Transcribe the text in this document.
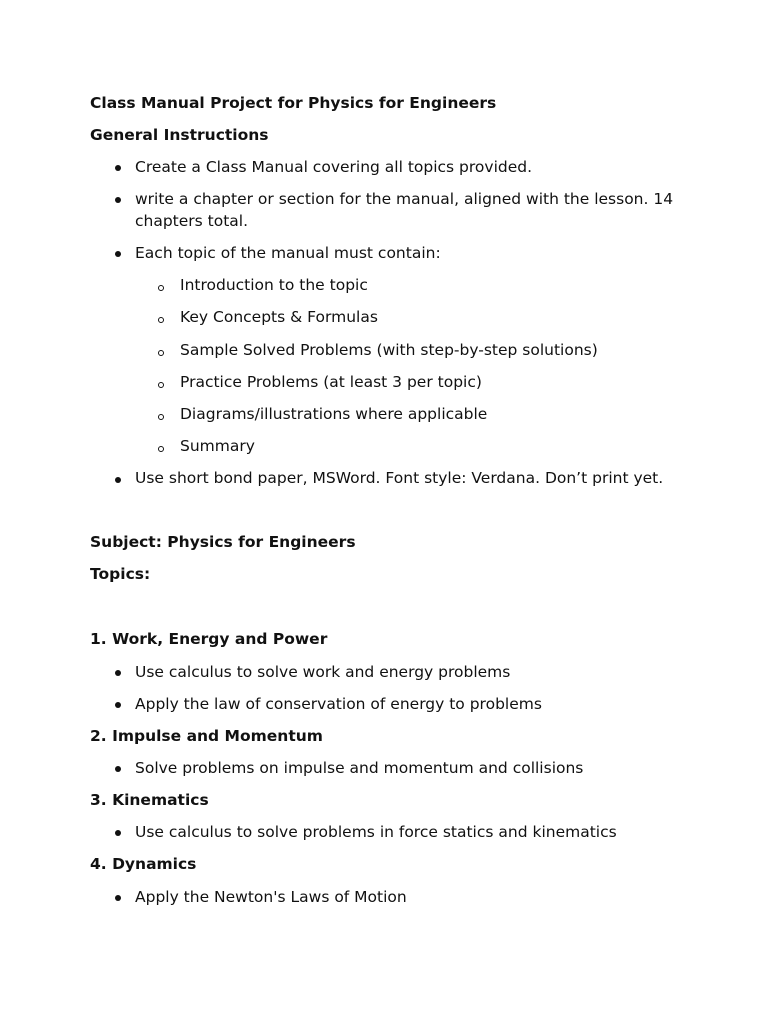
Class Manual Project for Physics for Engineers
General Instructions
Create a Class Manual covering all topics provided.
write a chapter or section for the manual, aligned with the lesson. 14
chapters total.
Each topic of the manual must contain:
Introduction to the topic
Key Concepts & Formulas
Sample Solved Problems (with step-by-step solutions)
Practice Problems (at least 3 per topic)
Diagrams/illustrations where applicable
Summary
Use short bond paper, MSWord. Font style: Verdana. Don’t print yet.
Subject: Physics for Engineers
Topics:
1. Work, Energy and Power
Use calculus to solve work and energy problems
Apply the law of conservation of energy to problems
2. Impulse and Momentum
Solve problems on impulse and momentum and collisions
3. Kinematics
Use calculus to solve problems in force statics and kinematics
4. Dynamics
Apply the Newton's Laws of Motion
